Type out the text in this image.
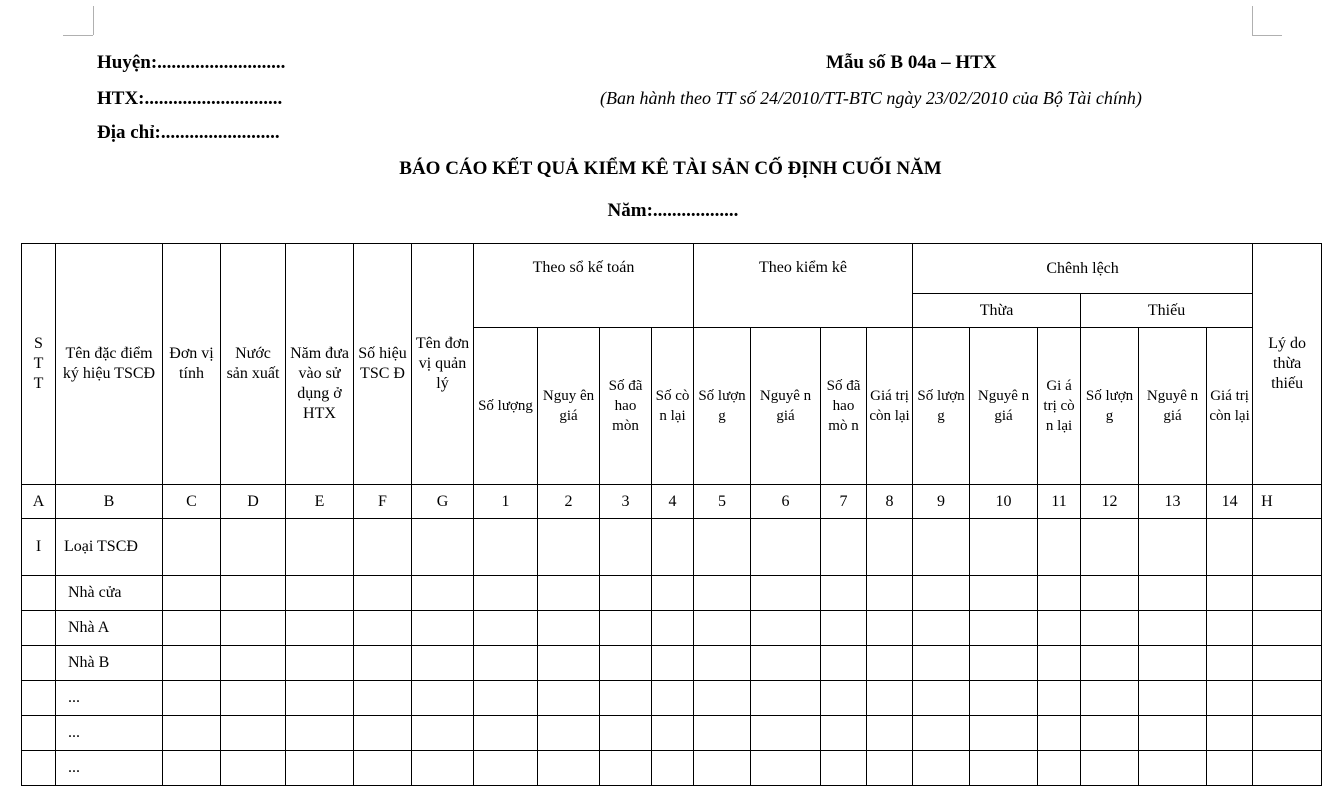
Huyện:...........................
HTX:.............................
Địa chỉ:.........................
Mẫu số B 04a – HTX
(Ban hành theo TT số 24/2010/TT-BTC ngày 23/02/2010 của Bộ Tài chính)
BÁO CÁO KẾT QUẢ KIỂM KÊ TÀI SẢN CỐ ĐỊNH CUỐI NĂM
Năm:..................
S T T	Tên đặc điểm ký hiệu TSCĐ	Đơn vị tính	Nước sản xuất	Năm đưa vào sử dụng ở HTX	Số hiệu TSC Đ	Tên đơn vị quản lý	Theo sổ kế toán				Theo kiểm kê				Chênh lệch						Lý do thừa thiếu
															Thừa			Thiếu			
							Số lượng	Nguy ên giá	Số đã hao mòn	Số cò n lại	Số lượn g	Nguyê n giá	Số đã hao mò n	Giá trị còn lại	Số lượn g	Nguyê n giá	Gi á trị cò n lại	Số lượn g	Nguyê n giá	Giá trị còn lại	
A	B	C	D	E	F	G	1	2	3	4	5	6	7	8	9	10	11	12	13	14	H
I	Loại TSCĐ																				
	Nhà cửa																				
	Nhà A																				
	Nhà B																				
	...																				
	...																				
	...																				
